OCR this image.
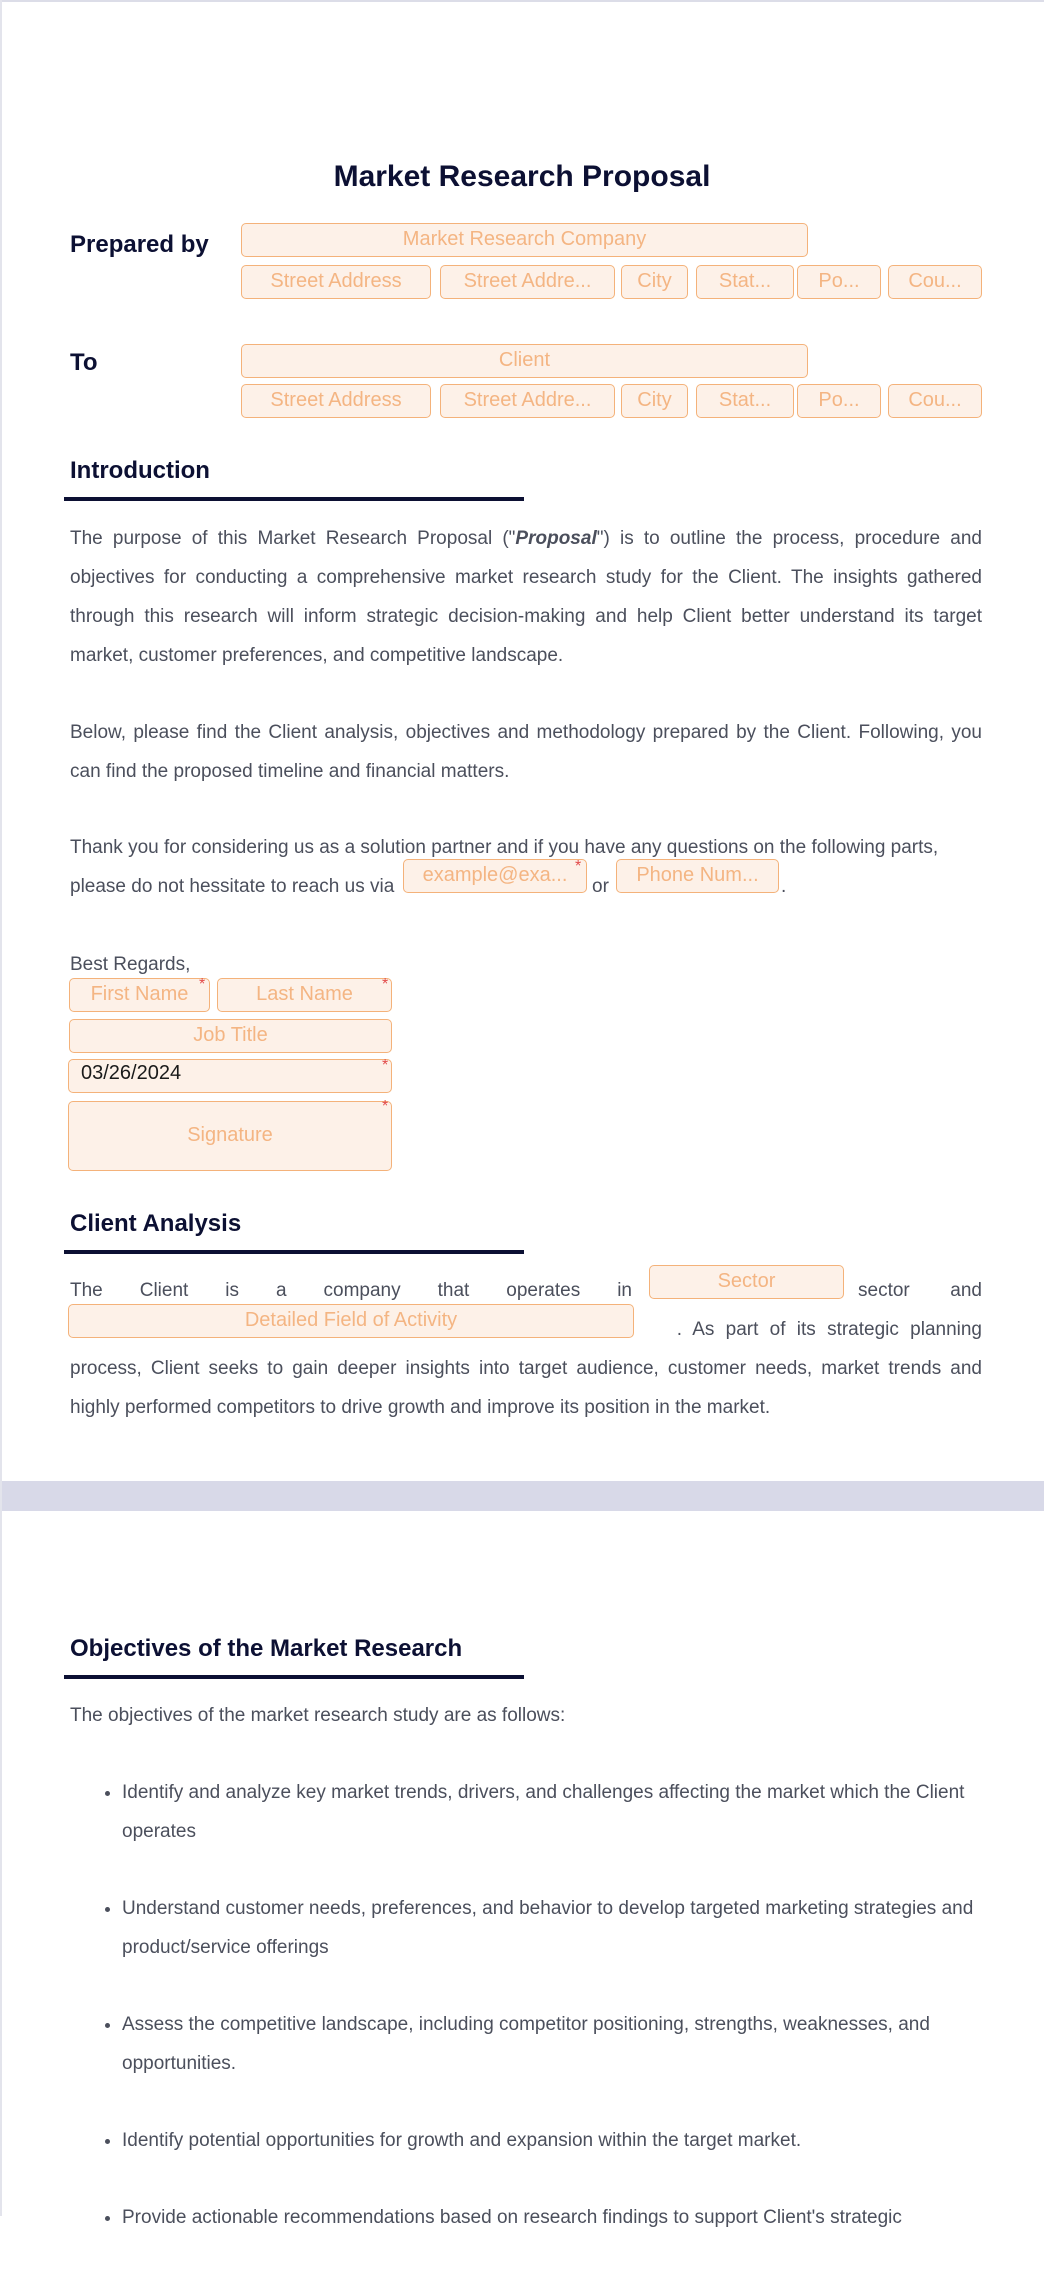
Market Research Proposal
Prepared by	Market Research Company
Street Address	Street Addre...	City	Stat...	Po...	Cou...
To	Client
Street Address	Street Addre...	City	Stat...	Po...	Cou...
Introduction

The purpose of this Market Research Proposal ("Proposal") is to outline the process, procedure and objectives for conducting a comprehensive market research study for the Client. The insights gathered through this research will inform strategic decision-making and help Client better understand its target market, customer preferences, and competitive landscape.

Below, please find the Client analysis, objectives and methodology prepared by the Client. Following, you can find the proposed timeline and financial matters.
Thank you for considering us as a solution partner and if you have any questions on the following parts,
please do not hessitate to reach us via
example@exa... *
or
Phone Num...
.
Best Regards,
First Name *	Last Name	*
Job Title
03/26/2024	*
Signature
*
Client Analysis
The Client is a company that operates in	Sector	sector and
Detailed Field of Activity	. As part of its strategic planning
process, Client seeks to gain deeper insights into target audience, customer needs, market trends and highly performed competitors to drive growth and improve its position in the market.
Objectives of the Market Research
The objectives of the market research study are as follows:
• Identify and analyze key market trends, drivers, and challenges affecting the market which the Client operates
• Understand customer needs, preferences, and behavior to develop targeted marketing strategies and product/service offerings
• Assess the competitive landscape, including competitor positioning, strengths, weaknesses, and opportunities.
• Identify potential opportunities for growth and expansion within the target market.
• Provide actionable recommendations based on research findings to support Client's strategic
